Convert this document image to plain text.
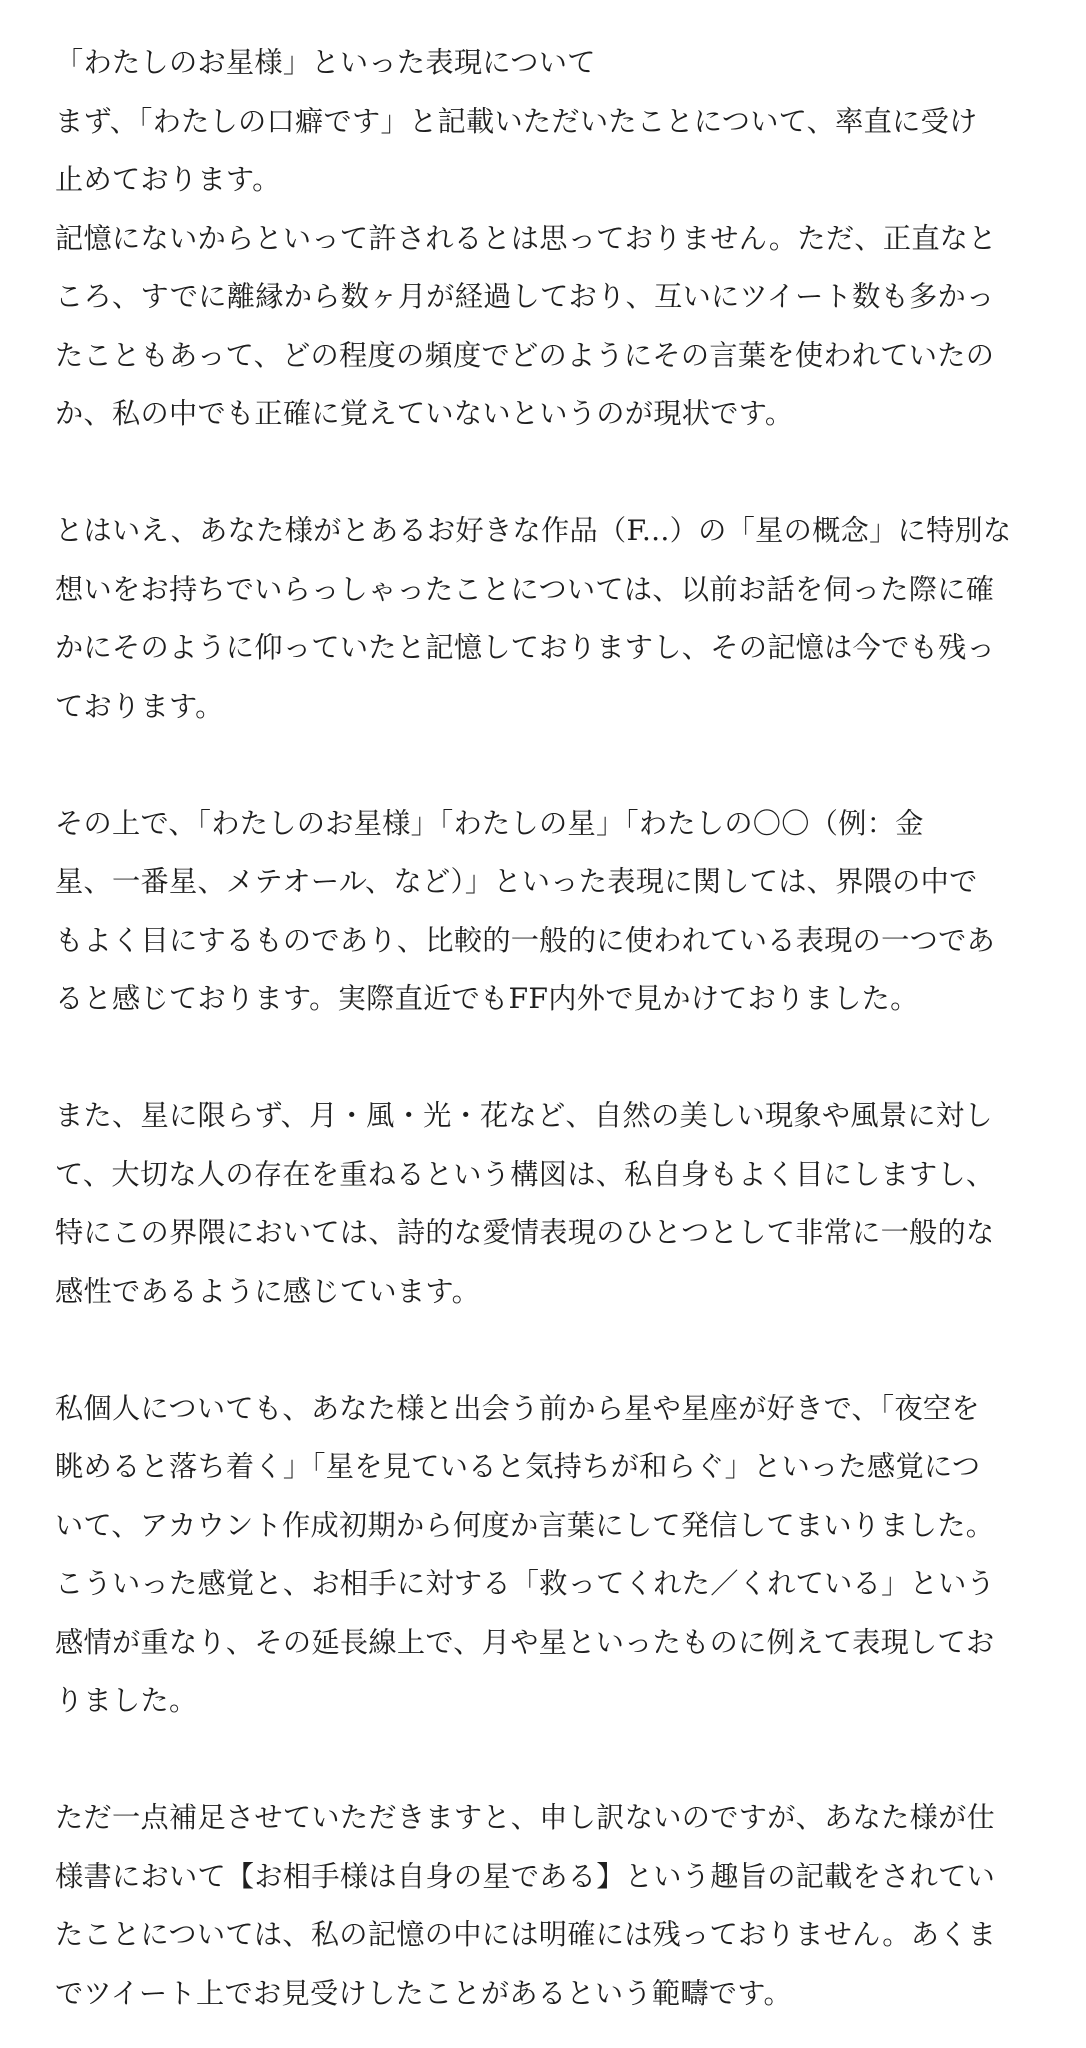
「わたしのお星様」といった表現について
まず、「わたしの口癖です」と記載いただいたことについて、率直に受け
止めております。
記憶にないからといって許されるとは思っておりません。ただ、正直なと
ころ、すでに離縁から数ヶ月が経過しており、互いにツイート数も多かっ
たこともあって、どの程度の頻度でどのようにその言葉を使われていたの
か、私の中でも正確に覚えていないというのが現状です。
とはいえ、あなた様がとあるお好きな作品（F...）の「星の概念」に特別な
想いをお持ちでいらっしゃったことについては、以前お話を伺った際に確
かにそのように仰っていたと記憶しておりますし、その記憶は今でも残っ
ております。
その上で、「わたしのお星様」「わたしの星」「わたしの〇〇（例：金
星、一番星、メテオール、など）」といった表現に関しては、界隈の中で
もよく目にするものであり、比較的一般的に使われている表現の一つであ
ると感じております。実際直近でもFF内外で見かけておりました。
また、星に限らず、月・風・光・花など、自然の美しい現象や風景に対し
て、大切な人の存在を重ねるという構図は、私自身もよく目にしますし、
特にこの界隈においては、詩的な愛情表現のひとつとして非常に一般的な
感性であるように感じています。
私個人についても、あなた様と出会う前から星や星座が好きで、「夜空を
眺めると落ち着く」「星を見ていると気持ちが和らぐ」といった感覚につ
いて、アカウント作成初期から何度か言葉にして発信してまいりました。
こういった感覚と、お相手に対する「救ってくれた／くれている」という
感情が重なり、その延長線上で、月や星といったものに例えて表現してお
りました。
ただ一点補足させていただきますと、申し訳ないのですが、あなた様が仕
様書において【お相手様は自身の星である】という趣旨の記載をされてい
たことについては、私の記憶の中には明確には残っておりません。あくま
でツイート上でお見受けしたことがあるという範疇です。
